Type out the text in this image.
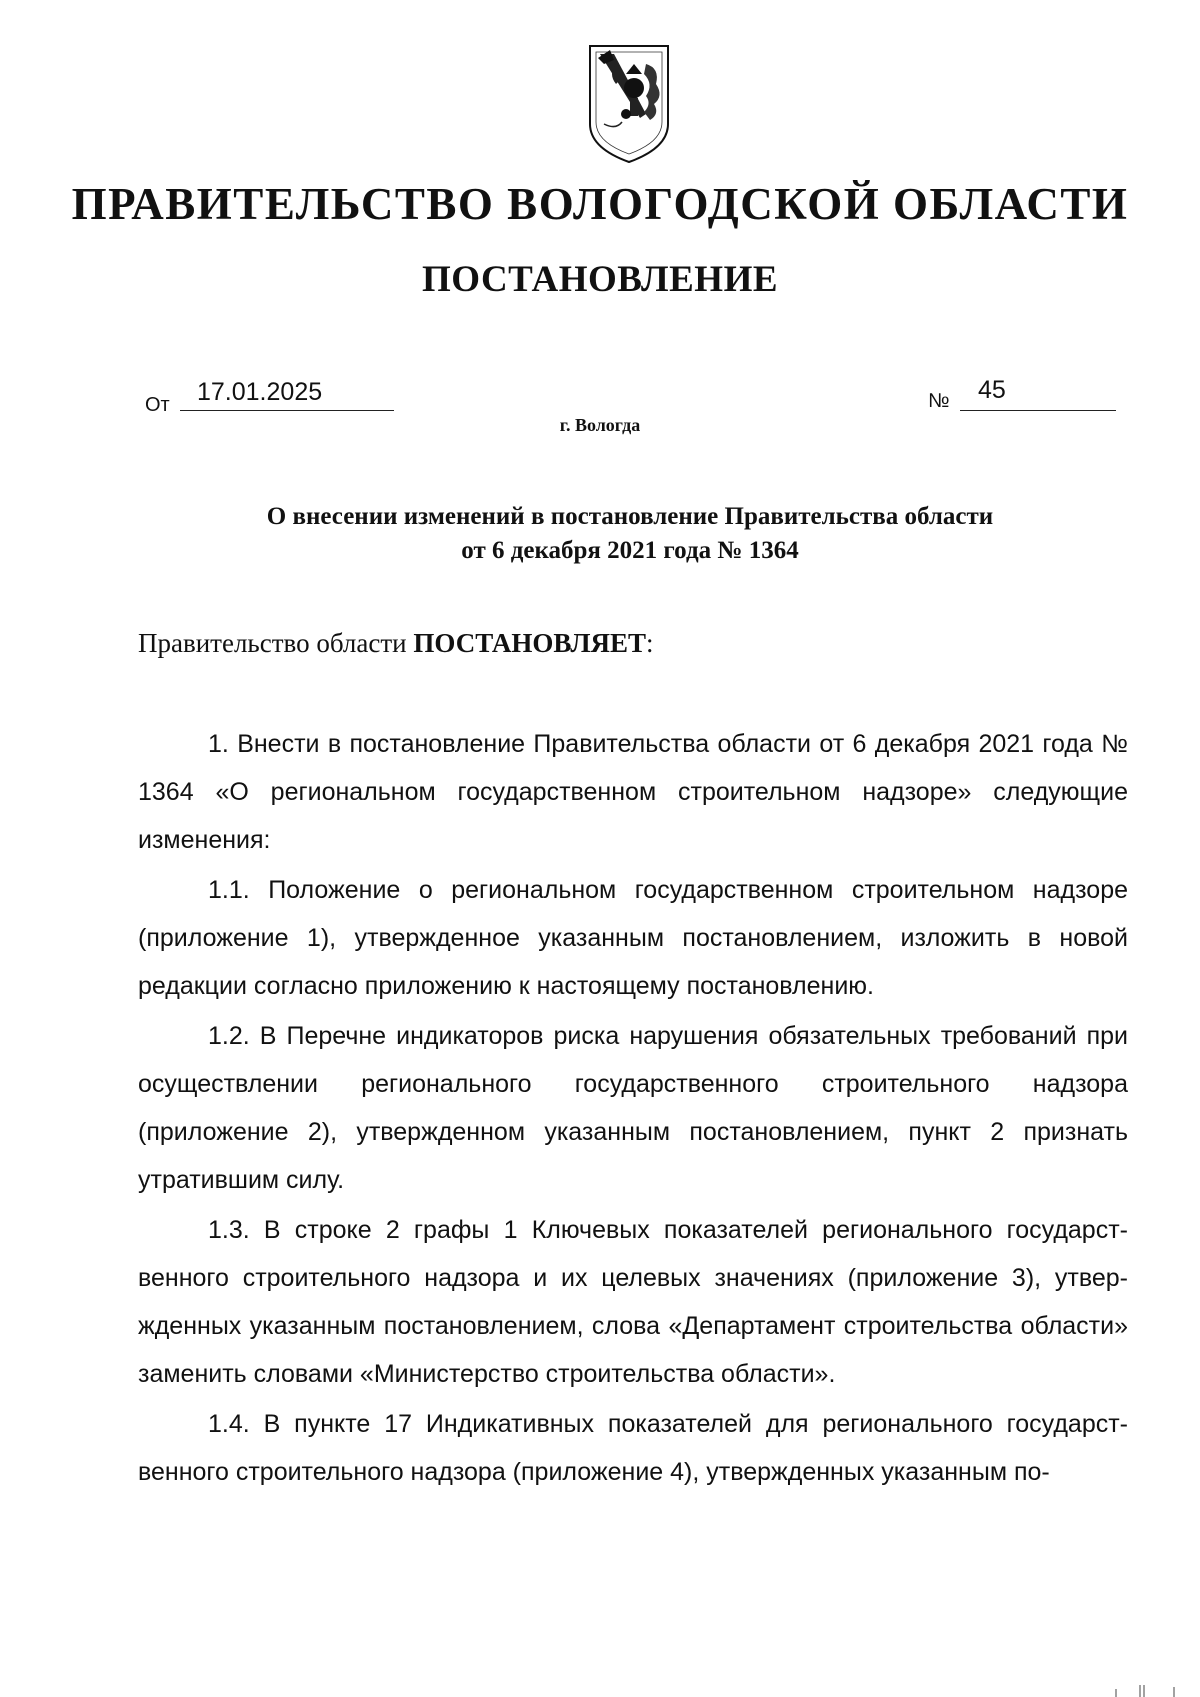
ПРАВИТЕЛЬСТВО ВОЛОГОДСКОЙ ОБЛАСТИ
ПОСТАНОВЛЕНИЕ
От 17.01.2025	№ 45
г. Вологда
О внесении изменений в постановление Правительства области
от 6 декабря 2021 года № 1364
Правительство области ПОСТАНОВЛЯЕТ:

1. Внести в постановление Правительства области от 6 декабря 2021 года № 1364 «О региональном государственном строительном надзоре» следующие изменения:

1.1. Положение о региональном государственном строительном надзоре (приложение 1), утвержденное указанным постановлением, изложить в новой редакции согласно приложению к настоящему постановлению.

1.2. В Перечне индикаторов риска нарушения обязательных требований при осуществлении регионального государственного строительного надзора (приложение 2), утвержденном указанным постановлением, пункт 2 признать утратившим силу.

1.3. В строке 2 графы 1 Ключевых показателей регионального государственного строительного надзора и их целевых значениях (приложение 3), утвержденных указанным постановлением, слова «Департамент строительства области» заменить словами «Министерство строительства области».

1.4. В пункте 17 Индикативных показателей для регионального государственного строительного надзора (приложение 4), утвержденных указанным по-
